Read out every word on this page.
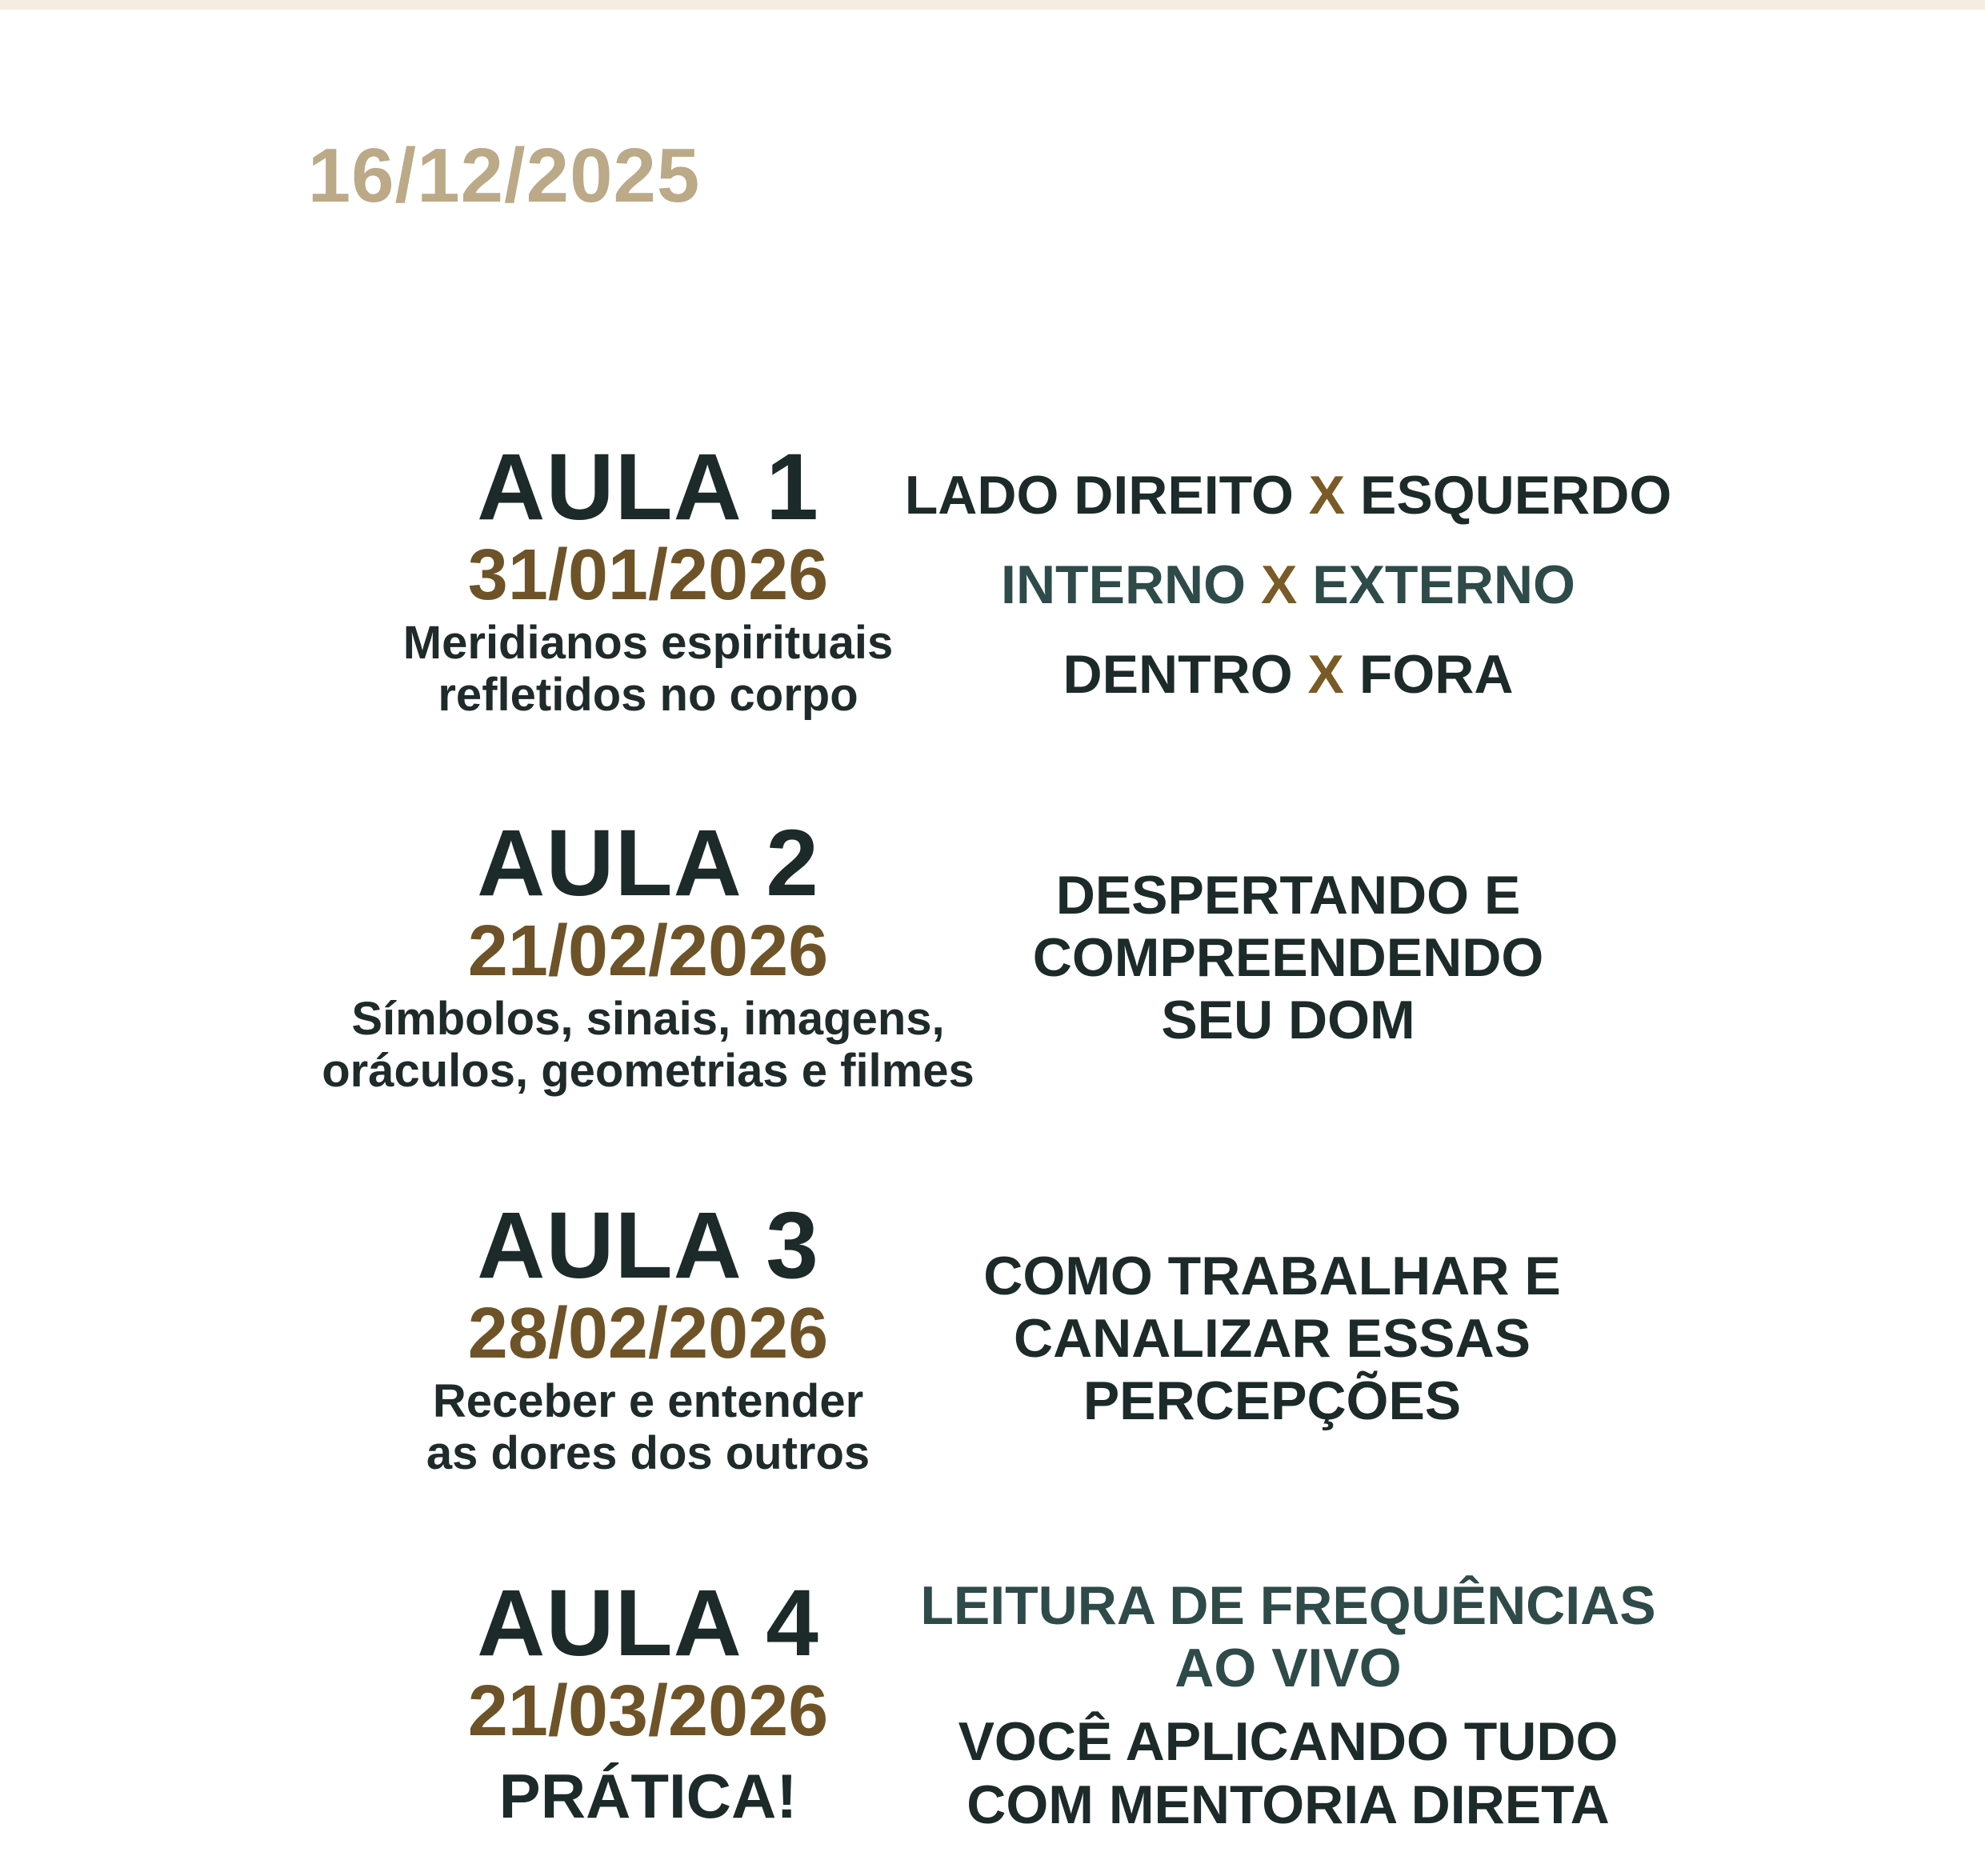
16/12/2025
AULA 1
31/01/2026
Meridianos espirituais
refletidos no corpo
LADO DIREITO X ESQUERDO
INTERNO X EXTERNO
DENTRO X FORA
AULA 2
21/02/2026
Símbolos, sinais, imagens,
oráculos, geometrias e filmes
DESPERTANDO E
COMPREENDENDO
SEU DOM
AULA 3
28/02/2026
Receber e entender
as dores dos outros
COMO TRABALHAR E
CANALIZAR ESSAS
PERCEPÇÕES
AULA 4
21/03/2026
PRÁTICA!
LEITURA DE FREQUÊNCIAS
AO VIVO
VOCÊ APLICANDO TUDO
COM MENTORIA DIRETA
